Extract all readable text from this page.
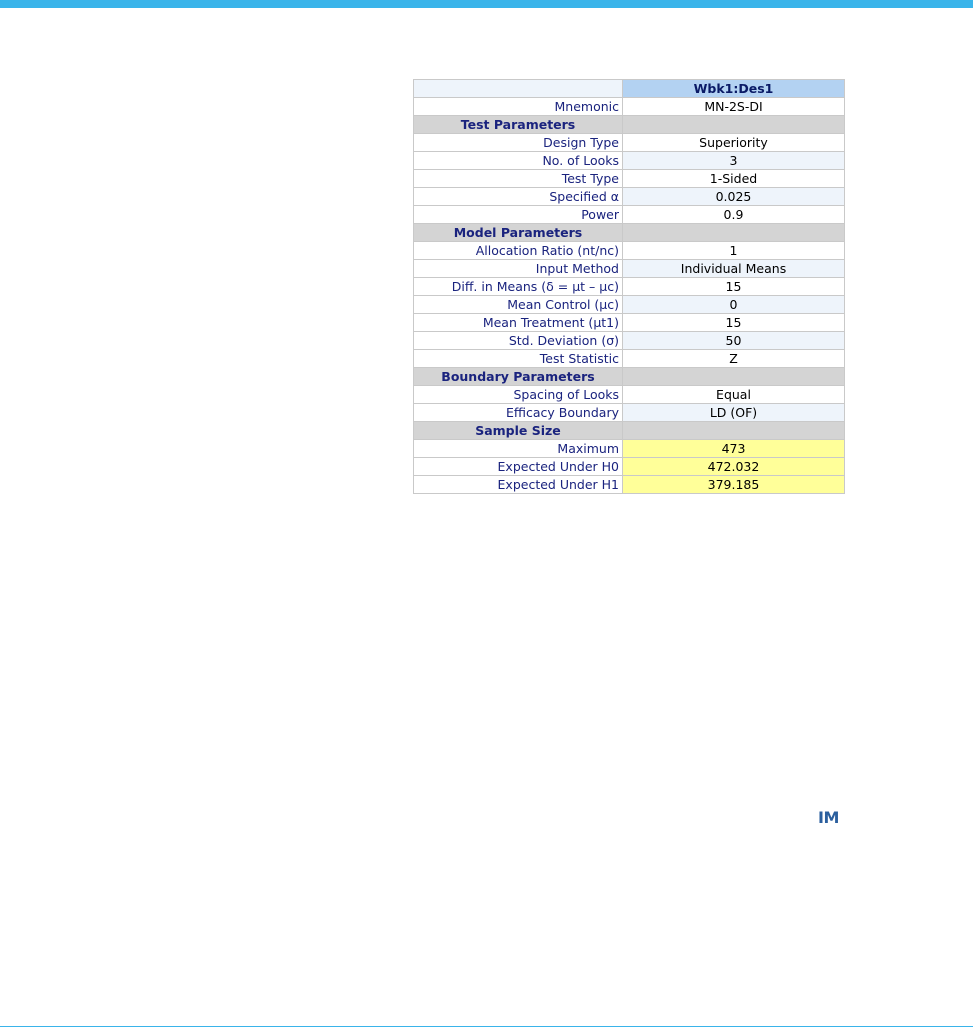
	Wbk1:Des1
Mnemonic	MN-2S-DI
Test Parameters	
Design Type	Superiority
No. of Looks	3
Test Type	1-Sided
Specified α	0.025
Power	0.9
Model Parameters	
Allocation Ratio (nt/nc)	1
Input Method	Individual Means
Diff. in Means (δ = μt – μc)	15
Mean Control (μc)	0
Mean Treatment (μt1)	15
Std. Deviation (σ)	50
Test Statistic	Z
Boundary Parameters	
Spacing of Looks	Equal
Efficacy Boundary	LD (OF)
Sample Size	
Maximum	473
Expected Under H0	472.032
Expected Under H1	379.185
IM
